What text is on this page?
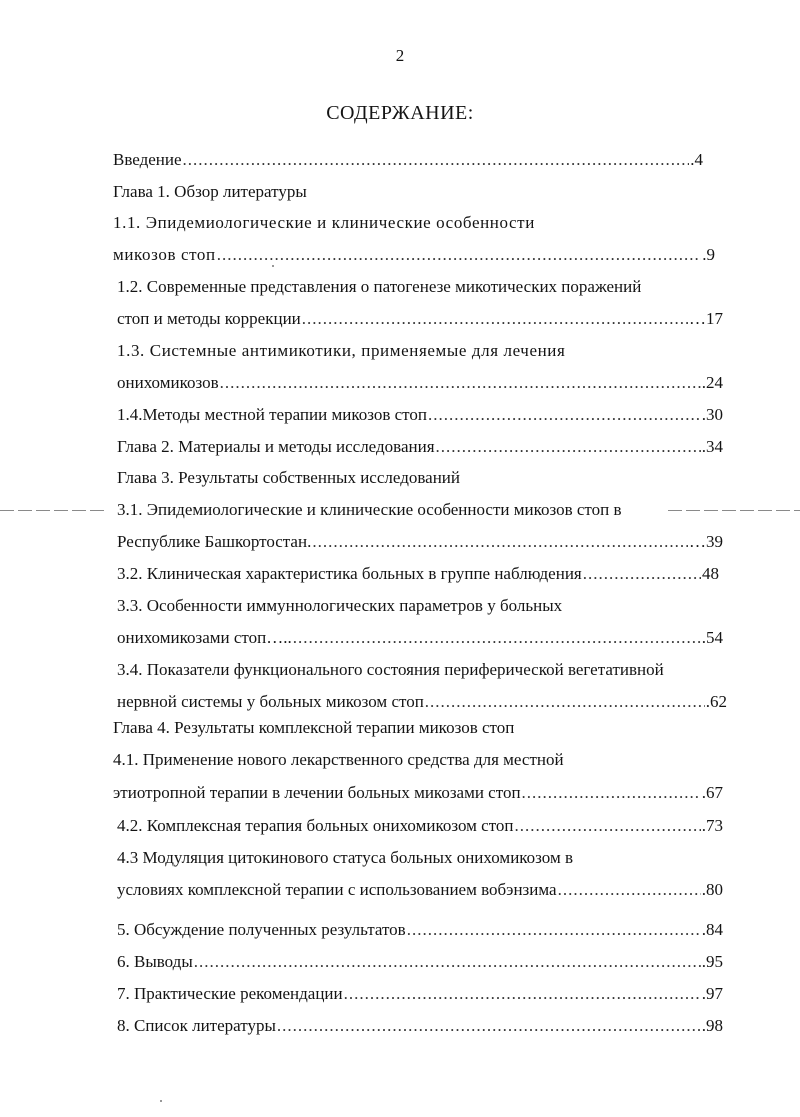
2
СОДЕРЖАНИЕ:
Введение .....	.4
Глава 1. Обзор литературы
1.1. Эпидемиологические и клинические особенности
микозов стоп .....	.9
1.2. Современные представления о патогенезе микотических поражений
стоп и методы коррекции .....	…17
1.3. Системные антимикотики, применяемые для лечения
онихомикозов .....	.24
1.4.Методы местной терапии микозов стоп .....	.30
Глава 2. Материалы и методы исследования .....	.34
Глава 3. Результаты собственных исследований
3.1. Эпидемиологические и клинические особенности микозов стоп в
Республике Башкортостан. .....	…39
3.2. Клиническая характеристика больных в группе наблюдения .....	48
3.3. Особенности иммуннологических параметров у больных
онихомикозами стоп….. .....	.54
3.4. Показатели функционального состояния периферической вегетативной
нервной системы у больных микозом стоп .....	.62
Глава 4. Результаты комплексной терапии микозов стоп
4.1. Применение нового лекарственного средства для местной
этиотропной терапии в лечении больных микозами стоп .....	.67
4.2. Комплексная терапия больных онихомикозом стоп .....	.73
4.3 Модуляция цитокинового статуса больных онихомикозом в
условиях комплексной терапии с использованием вобэнзима .....	.80
5. Обсуждение полученных результатов .....	.84
6. Выводы .....	.95
7. Практические рекомендации .....	.97
8. Список литературы .....	.98
